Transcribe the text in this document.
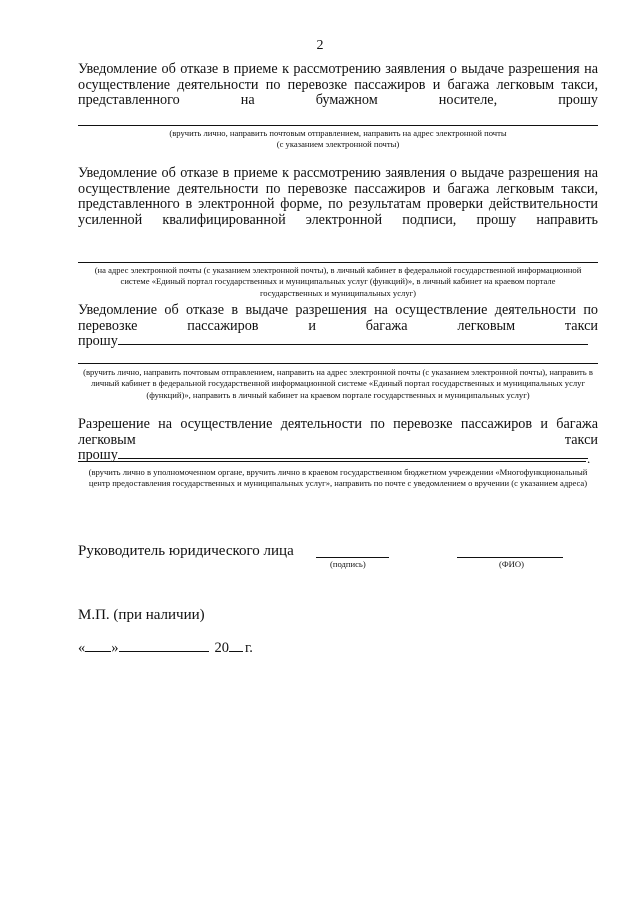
2
Уведомление об отказе в приеме к рассмотрению заявления о выдаче разрешения на осуществление деятельности по перевозке пассажиров и багажа легковым такси, представленного на бумажном носителе, прошу
(вручить лично, направить почтовым отправлением, направить на адрес электронной почты
(с указанием электронной почты)
Уведомление об отказе в приеме к рассмотрению заявления о выдаче разрешения на осуществление деятельности по перевозке пассажиров и багажа легковым такси, представленного в электронной форме, по результатам проверки действительности усиленной квалифицированной электронной подписи, прошу направить
(на адрес электронной почты (с указанием электронной почты), в личный кабинет в федеральной государственной информационной системе «Единый портал государственных и муниципальных услуг (функций)», в личный кабинет на краевом портале государственных и муниципальных услуг)
Уведомление об отказе в выдаче разрешения на осуществление деятельности по перевозке пассажиров и багажа легковым такси
прошу
(вручить лично, направить почтовым отправлением, направить на адрес электронной почты (с указанием электронной почты), направить в личный кабинет в федеральной государственной информационной системе «Единый портал государственных и муниципальных услуг (функций)», направить в личный кабинет на краевом портале государственных и муниципальных услуг)
Разрешение на осуществление деятельности по перевозке пассажиров и багажа легковым такси
прошу	.
(вручить лично в уполномоченном органе, вручить лично в краевом государственном бюджетном учреждении «Многофункциональный центр предоставления государственных и муниципальных услуг», направить по почте с уведомлением о вручении (с указанием адреса)
Руководитель юридического лица
(подпись)	(ФИО)
М.П. (при наличии)
« »	20 г.
